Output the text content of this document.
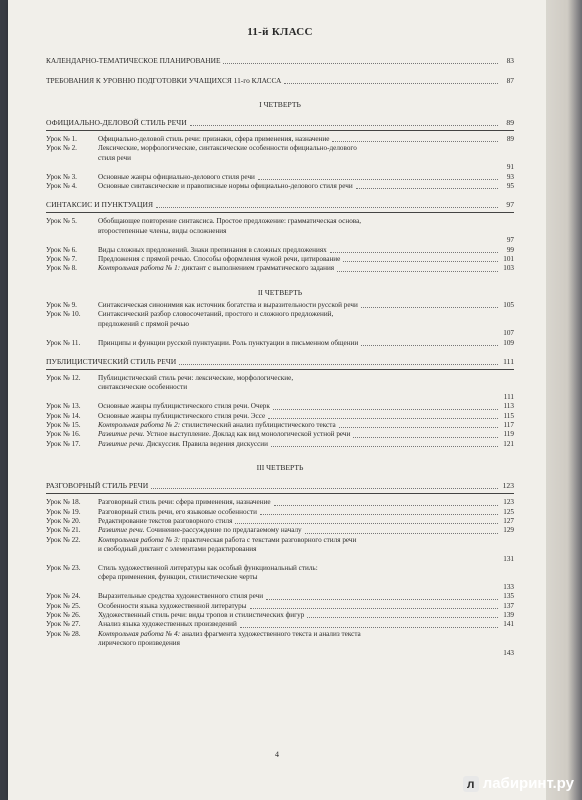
11-й КЛАСС
КАЛЕНДАРНО-ТЕМАТИЧЕСКОЕ ПЛАНИРОВАНИЕ	83
ТРЕБОВАНИЯ К УРОВНЮ ПОДГОТОВКИ УЧАЩИХСЯ 11-го КЛАССА	87
I ЧЕТВЕРТЬ
ОФИЦИАЛЬНО-ДЕЛОВОЙ СТИЛЬ РЕЧИ	89
Урок № 1.	Официально-деловой стиль речи: признаки, сфера применения, назначение	89
Урок № 2.	Лексические, морфологические, синтаксические особенности официально-делового
стиля речи
91
Урок № 3.	Основные жанры официально-делового стиля речи	93
Урок № 4.	Основные синтаксические и правописные нормы официально-делового стиля речи	95
СИНТАКСИС И ПУНКТУАЦИЯ	97
Урок № 5.	Обобщающее повторение синтаксиса. Простое предложение: грамматическая основа,
второстепенные члены, виды осложнения
97
Урок № 6.	Виды сложных предложений. Знаки препинания в сложных предложениях	99
Урок № 7.	Предложения с прямой речью. Способы оформления чужой речи, цитирование	101
Урок № 8.	Контрольная работа № 1: диктант с выполнением грамматического задания	103
II ЧЕТВЕРТЬ
Урок № 9.	Синтаксическая синонимия как источник богатства и выразительности русской речи	105
Урок № 10.	Синтаксический разбор словосочетаний, простого и сложного предложений,
предложений с прямой речью
107
Урок № 11.	Принципы и функции русской пунктуации. Роль пунктуации в письменном общении	109
ПУБЛИЦИСТИЧЕСКИЙ СТИЛЬ РЕЧИ	111
Урок № 12.	Публицистический стиль речи: лексические, морфологические,
синтаксические особенности
111
Урок № 13.	Основные жанры публицистического стиля речи. Очерк	113
Урок № 14.	Основные жанры публицистического стиля речи. Эссе	115
Урок № 15.	Контрольная работа № 2: стилистический анализ публицистического текста	117
Урок № 16.	Развитие речи. Устное выступление. Доклад как вид монологической устной речи	119
Урок № 17.	Развитие речи. Дискуссия. Правила ведения дискуссии	121
III ЧЕТВЕРТЬ
РАЗГОВОРНЫЙ СТИЛЬ РЕЧИ	123
Урок № 18.	Разговорный стиль речи: сфера применения, назначение	123
Урок № 19.	Разговорный стиль речи, его языковые особенности	125
Урок № 20.	Редактирование текстов разговорного стиля	127
Урок № 21.	Развитие речи. Сочинение-рассуждение по предлагаемому началу	129
Урок № 22.	Контрольная работа № 3: практическая работа с текстами разговорного стиля речи
и свободный диктант с элементами редактирования
131
Урок № 23.	Стиль художественной литературы как особый функциональный стиль:
сфера применения, функции, стилистические черты
133
Урок № 24.	Выразительные средства художественного стиля речи	135
Урок № 25.	Особенности языка художественной литературы	137
Урок № 26.	Художественный стиль речи: виды тропов и стилистических фигур	139
Урок № 27.	Анализ языка художественных произведений	141
Урок № 28.	Контрольная работа № 4: анализ фрагмента художественного текста и анализ текста
лирического произведения
143
4
л лабиринт.ру
